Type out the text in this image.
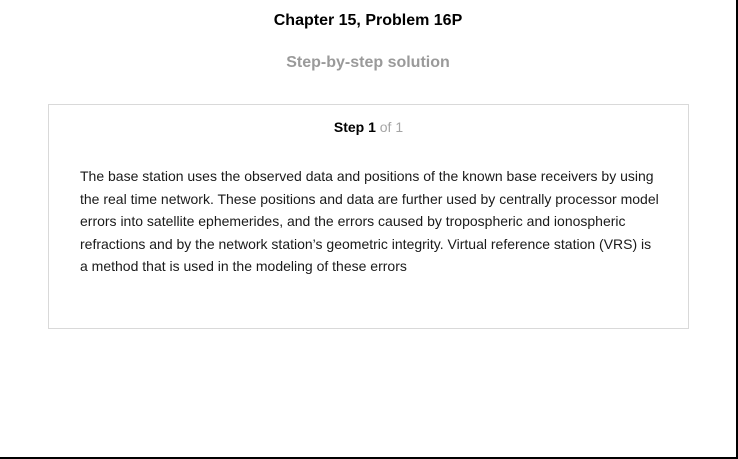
Chapter 15, Problem 16P
Step-by-step solution
Step 1 of 1
The base station uses the observed data and positions of the known base receivers by using the real time network. These positions and data are further used by centrally processor model errors into satellite ephemerides, and the errors caused by tropospheric and ionospheric refractions and by the network station’s geometric integrity. Virtual reference station (VRS) is a method that is used in the modeling of these errors
